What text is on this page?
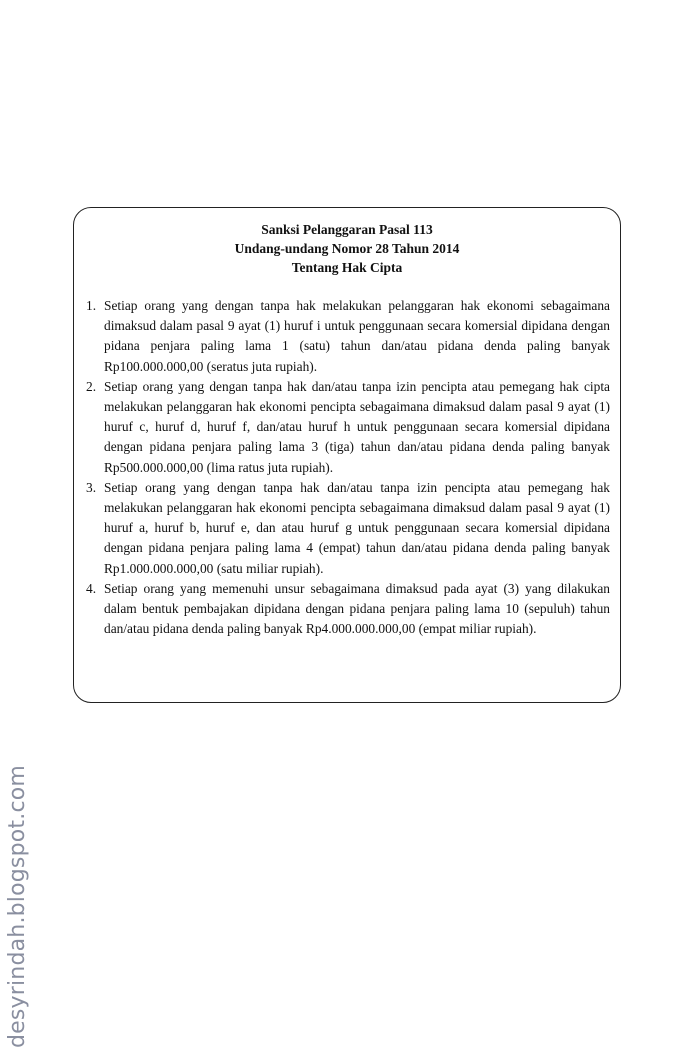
Sanksi Pelanggaran Pasal 113
Undang-undang Nomor 28 Tahun 2014
Tentang Hak Cipta
1. Setiap orang yang dengan tanpa hak melakukan pelanggaran hak ekonomi sebagaimana dimaksud dalam pasal 9 ayat (1) huruf i untuk penggunaan secara komersial dipidana dengan pidana penjara paling lama 1 (satu) tahun dan/atau pidana denda paling banyak Rp100.000.000,00 (seratus juta rupiah).
2. Setiap orang yang dengan tanpa hak dan/atau tanpa izin pencipta atau pemegang hak cipta melakukan pelanggaran hak ekonomi pencipta sebagaimana dimaksud dalam pasal 9 ayat (1) huruf c, huruf d, huruf f, dan/atau huruf h untuk penggunaan secara komersial dipidana dengan pidana penjara paling lama 3 (tiga) tahun dan/atau pidana denda paling banyak Rp500.000.000,00 (lima ratus juta rupiah).
3. Setiap orang yang dengan tanpa hak dan/atau tanpa izin pencipta atau pemegang hak melakukan pelanggaran hak ekonomi pencipta sebagaimana dimaksud dalam pasal 9 ayat (1) huruf a, huruf b, huruf e, dan atau huruf g untuk penggunaan secara komersial dipidana dengan pidana penjara paling lama 4 (empat) tahun dan/atau pidana denda paling banyak Rp1.000.000.000,00 (satu miliar rupiah).
4. Setiap orang yang memenuhi unsur sebagaimana dimaksud pada ayat (3) yang dilakukan dalam bentuk pembajakan dipidana dengan pidana penjara paling lama 10 (sepuluh) tahun dan/atau pidana denda paling banyak Rp4.000.000.000,00 (empat miliar rupiah).
desyrindah.blogspot.com
